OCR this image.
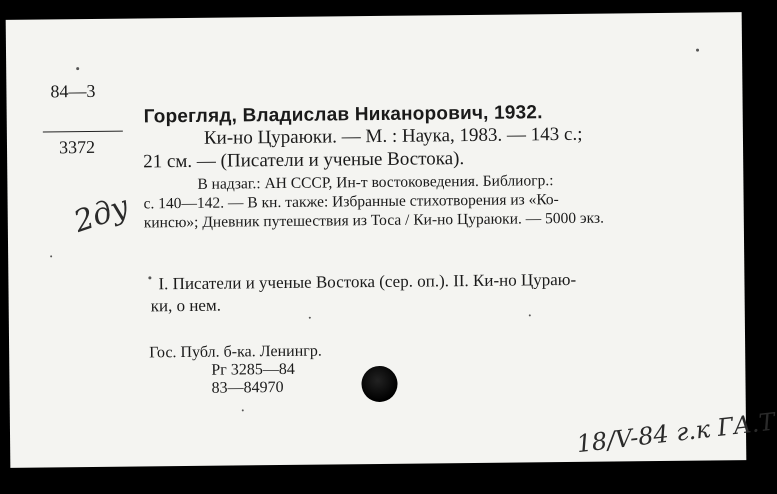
84—3
3372
Горегляд, Владислав Никанорович, 1932.
Ки-но Цураюки. — М. : Наука, 1983. — 143 с.;
21 см. — (Писатели и ученые Востока).
В надзаг.: АН СССР, Ин-т востоковедения. Библиогр.:
с. 140—142. — В кн. также: Избранные стихотворения из «Ко-
кинсю»; Дневник путешествия из Тоса / Ки-но Цураюки. — 5000 экз.
I. Писатели и ученые Востока (сер. оп.). II. Ки-но Цураю-
ки, о нем.
Гос. Публ. б-ка. Ленингр.
Рг 3285—84
83—84970
2ду
18/V-84 г.к ГА.Т
